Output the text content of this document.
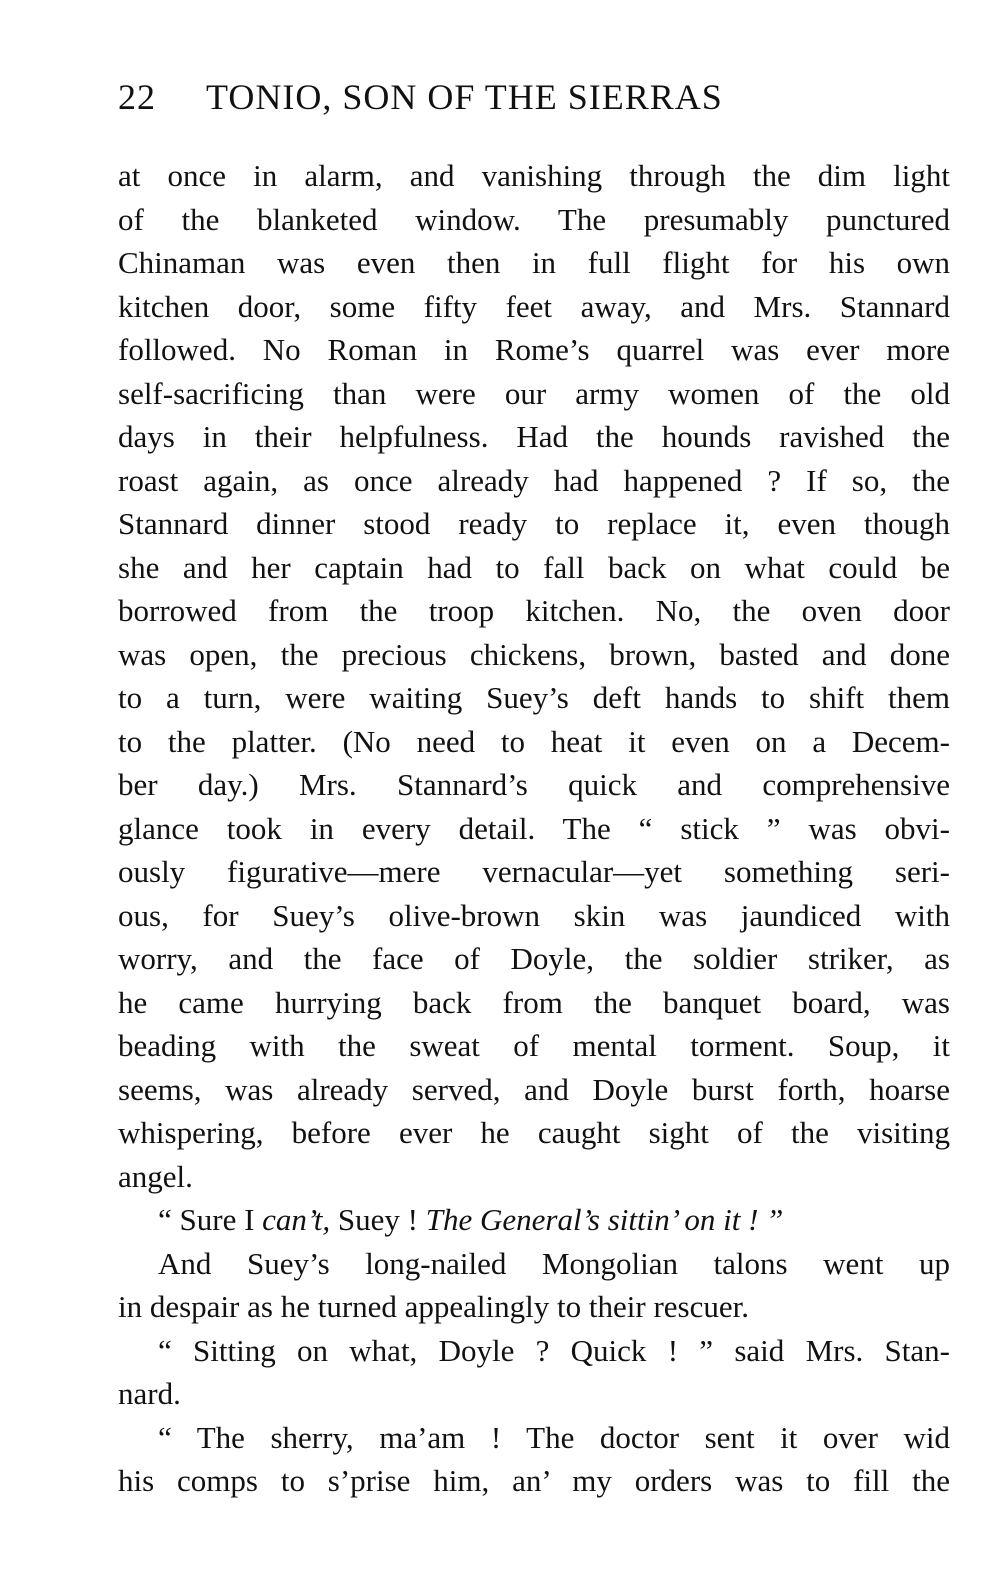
22	TONIO, SON OF THE SIERRAS
at once in alarm, and vanishing through the dim light
of the blanketed window. The presumably punctured
Chinaman was even then in full flight for his own
kitchen door, some fifty feet away, and Mrs. Stannard
followed. No Roman in Rome’s quarrel was ever more
self-sacrificing than were our army women of the old
days in their helpfulness. Had the hounds ravished the
roast again, as once already had happened ? If so, the
Stannard dinner stood ready to replace it, even though
she and her captain had to fall back on what could be
borrowed from the troop kitchen. No, the oven door
was open, the precious chickens, brown, basted and done
to a turn, were waiting Suey’s deft hands to shift them
to the platter. (No need to heat it even on a Decem-
ber day.) Mrs. Stannard’s quick and comprehensive
glance took in every detail. The “ stick ” was obvi-
ously figurative—mere vernacular—yet something seri-
ous, for Suey’s olive-brown skin was jaundiced with
worry, and the face of Doyle, the soldier striker, as
he came hurrying back from the banquet board, was
beading with the sweat of mental torment. Soup, it
seems, was already served, and Doyle burst forth, hoarse
whispering, before ever he caught sight of the visiting
angel.
“ Sure I can’t, Suey ! The General’s sittin’ on it ! ”
And Suey’s long-nailed Mongolian talons went up
in despair as he turned appealingly to their rescuer.
“ Sitting on what, Doyle ? Quick ! ” said Mrs. Stan-
nard.
“ The sherry, ma’am ! The doctor sent it over wid
his comps to s’prise him, an’ my orders was to fill the
